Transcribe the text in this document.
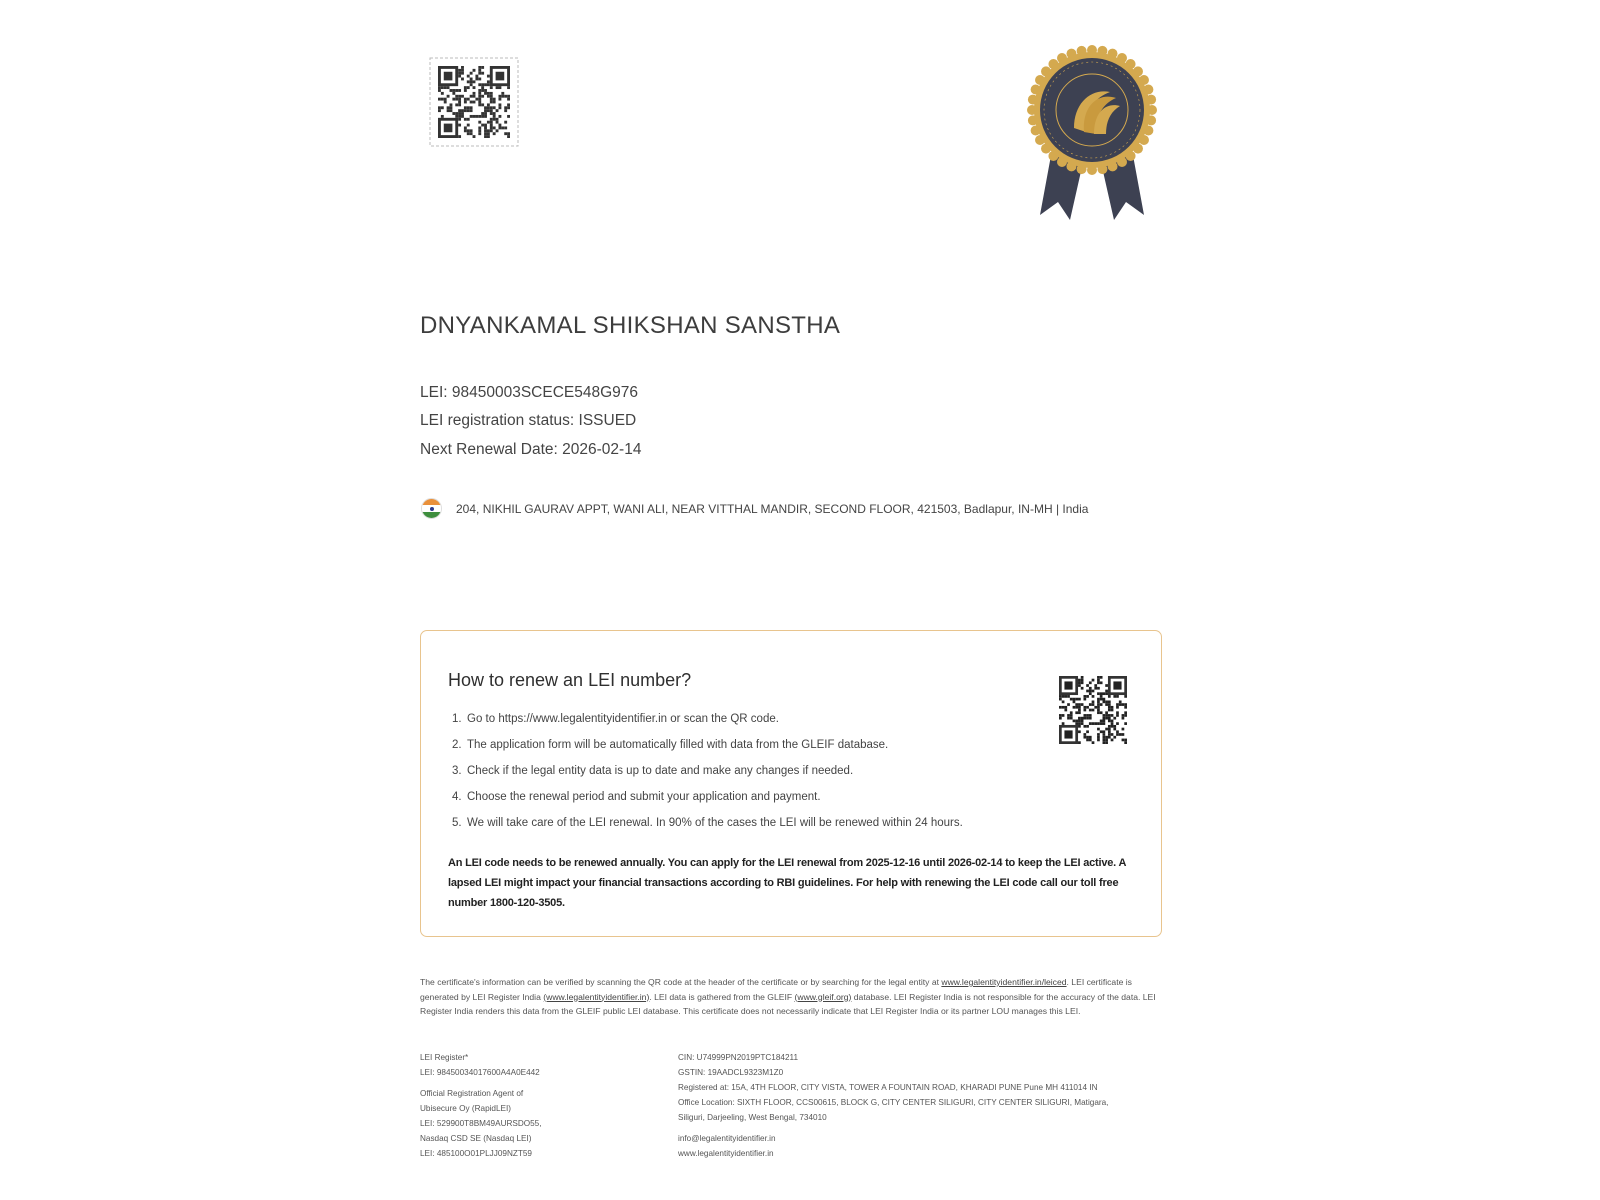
DNYANKAMAL SHIKSHAN SANSTHA
LEI: 98450003SCECE548G976
LEI registration status: ISSUED
Next Renewal Date: 2026-02-14
204, NIKHIL GAURAV APPT, WANI ALI, NEAR VITTHAL MANDIR, SECOND FLOOR, 421503, Badlapur, IN-MH | India
How to renew an LEI number?
1. Go to https://www.legalentityidentifier.in or scan the QR code.
2. The application form will be automatically filled with data from the GLEIF database.
3. Check if the legal entity data is up to date and make any changes if needed.
4. Choose the renewal period and submit your application and payment.
5. We will take care of the LEI renewal. In 90% of the cases the LEI will be renewed within 24 hours.
An LEI code needs to be renewed annually. You can apply for the LEI renewal from 2025-12-16 until 2026-02-14 to keep the LEI active. A lapsed LEI might impact your financial transactions according to RBI guidelines. For help with renewing the LEI code call our toll free number 1800-120-3505.
The certificate's information can be verified by scanning the QR code at the header of the certificate or by searching for the legal entity at www.legalentityidentifier.in/leiced. LEI certificate is generated by LEI Register India (www.legalentityidentifier.in). LEI data is gathered from the GLEIF (www.gleif.org) database. LEI Register India is not responsible for the accuracy of the data. LEI Register India renders this data from the GLEIF public LEI database. This certificate does not necessarily indicate that LEI Register India or its partner LOU manages this LEI.
LEI Register*
LEI: 98450034017600A4A0E442
Official Registration Agent of
Ubisecure Oy (RapidLEI)
LEI: 529900T8BM49AURSDO55,
Nasdaq CSD SE (Nasdaq LEI)
LEI: 485100O01PLJJ09NZT59
CIN: U74999PN2019PTC184211
GSTIN: 19AADCL9323M1Z0
Registered at: 15A, 4TH FLOOR, CITY VISTA, TOWER A FOUNTAIN ROAD, KHARADI PUNE Pune MH 411014 IN
Office Location: SIXTH FLOOR, CCS00615, BLOCK G, CITY CENTER SILIGURI, CITY CENTER SILIGURI, Matigara,
Siliguri, Darjeeling, West Bengal, 734010
info@legalentityidentifier.in
www.legalentityidentifier.in
